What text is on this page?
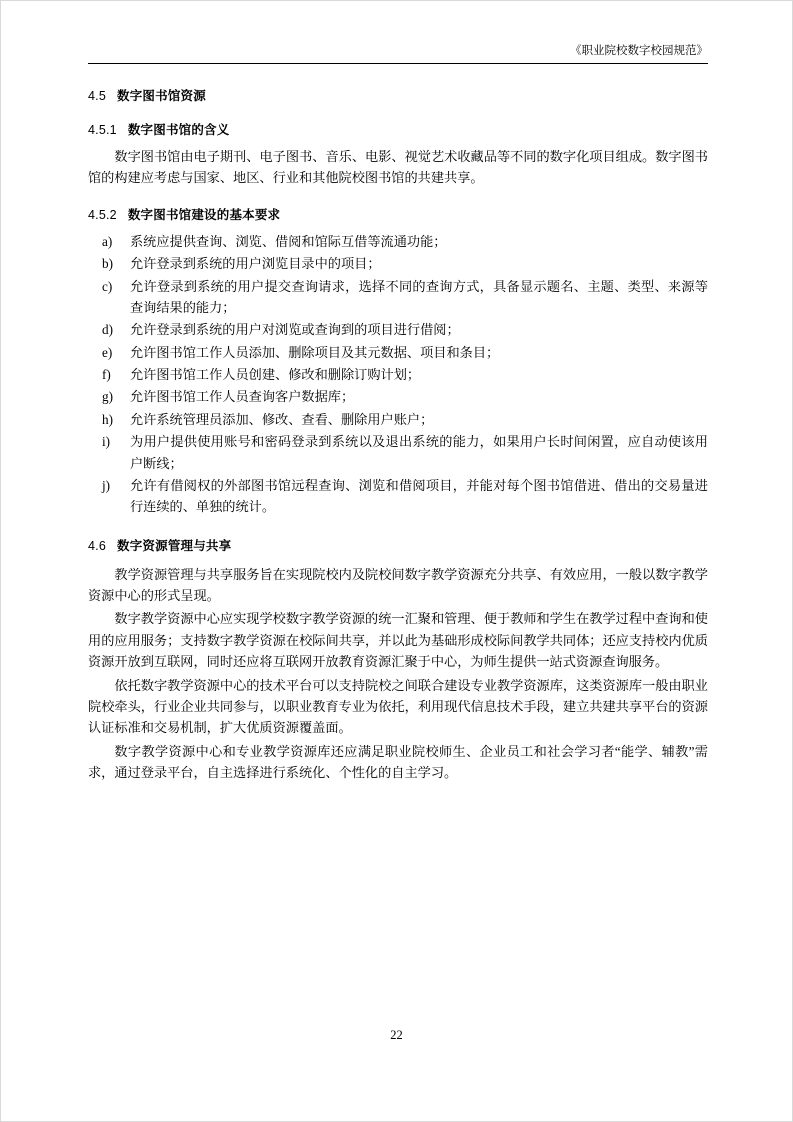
《职业院校数字校园规范》
4.5 数字图书馆资源
4.5.1 数字图书馆的含义

数字图书馆由电子期刊、电子图书、音乐、电影、视觉艺术收藏品等不同的数字化项目组成。数字图书馆的构建应考虑与国家、地区、行业和其他院校图书馆的共建共享。

4.5.2 数字图书馆建设的基本要求
a)	系统应提供查询、浏览、借阅和馆际互借等流通功能；
b)	允许登录到系统的用户浏览目录中的项目；
c)	允许登录到系统的用户提交查询请求，选择不同的查询方式，具备显示题名、主题、类型、来源等查询结果的能力；
d)	允许登录到系统的用户对浏览或查询到的项目进行借阅；
e)	允许图书馆工作人员添加、删除项目及其元数据、项目和条目；
f)	允许图书馆工作人员创建、修改和删除订购计划；
g)	允许图书馆工作人员查询客户数据库；
h)	允许系统管理员添加、修改、查看、删除用户账户；
i)	为用户提供使用账号和密码登录到系统以及退出系统的能力，如果用户长时间闲置，应自动使该用户断线；
j)	允许有借阅权的外部图书馆远程查询、浏览和借阅项目，并能对每个图书馆借进、借出的交易量进行连续的、单独的统计。
4.6 数字资源管理与共享

教学资源管理与共享服务旨在实现院校内及院校间数字教学资源充分共享、有效应用，一般以数字教学资源中心的形式呈现。

数字教学资源中心应实现学校数字教学资源的统一汇聚和管理、便于教师和学生在教学过程中查询和使用的应用服务；支持数字教学资源在校际间共享，并以此为基础形成校际间教学共同体；还应支持校内优质资源开放到互联网，同时还应将互联网开放教育资源汇聚于中心，为师生提供一站式资源查询服务。

依托数字教学资源中心的技术平台可以支持院校之间联合建设专业教学资源库，这类资源库一般由职业院校牵头，行业企业共同参与，以职业教育专业为依托，利用现代信息技术手段，建立共建共享平台的资源认证标准和交易机制，扩大优质资源覆盖面。

数字教学资源中心和专业教学资源库还应满足职业院校师生、企业员工和社会学习者“能学、辅教”需求，通过登录平台，自主选择进行系统化、个性化的自主学习。

22
